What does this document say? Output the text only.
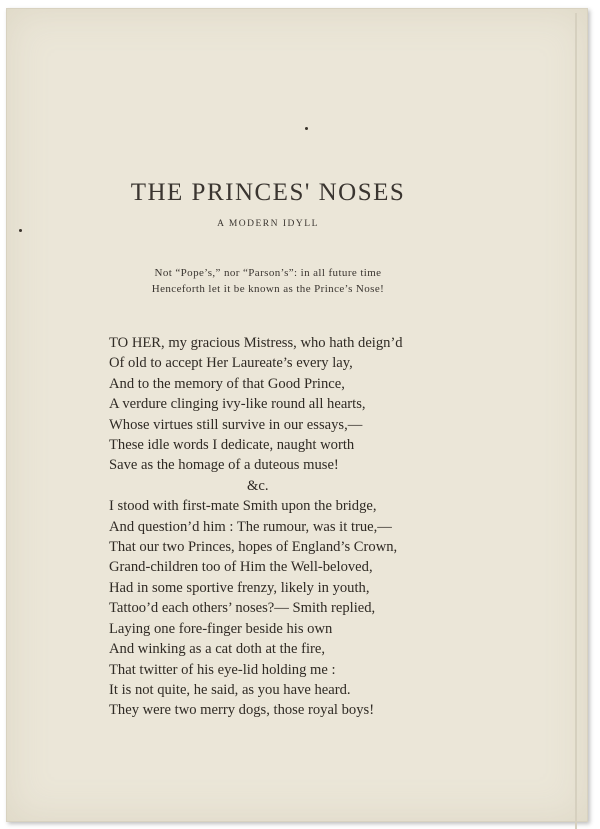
THE PRINCES' NOSES
A MODERN IDYLL
Not “Pope’s,” nor “Parson’s”: in all future time
Henceforth let it be known as the Prince’s Nose!
TO HER, my gracious Mistress, who hath deign’d
Of old to accept Her Laureate’s every lay,
And to the memory of that Good Prince,
A verdure clinging ivy-like round all hearts,
Whose virtues still survive in our essays,—
These idle words I dedicate, naught worth
Save as the homage of a duteous muse!
&c.
I stood with first-mate Smith upon the bridge,
And question’d him : The rumour, was it true,—
That our two Princes, hopes of England’s Crown,
Grand-children too of Him the Well-beloved,
Had in some sportive frenzy, likely in youth,
Tattoo’d each others’ noses?— Smith replied,
Laying one fore-finger beside his own
And winking as a cat doth at the fire,
That twitter of his eye-lid holding me :
It is not quite, he said, as you have heard.
They were two merry dogs, those royal boys!
